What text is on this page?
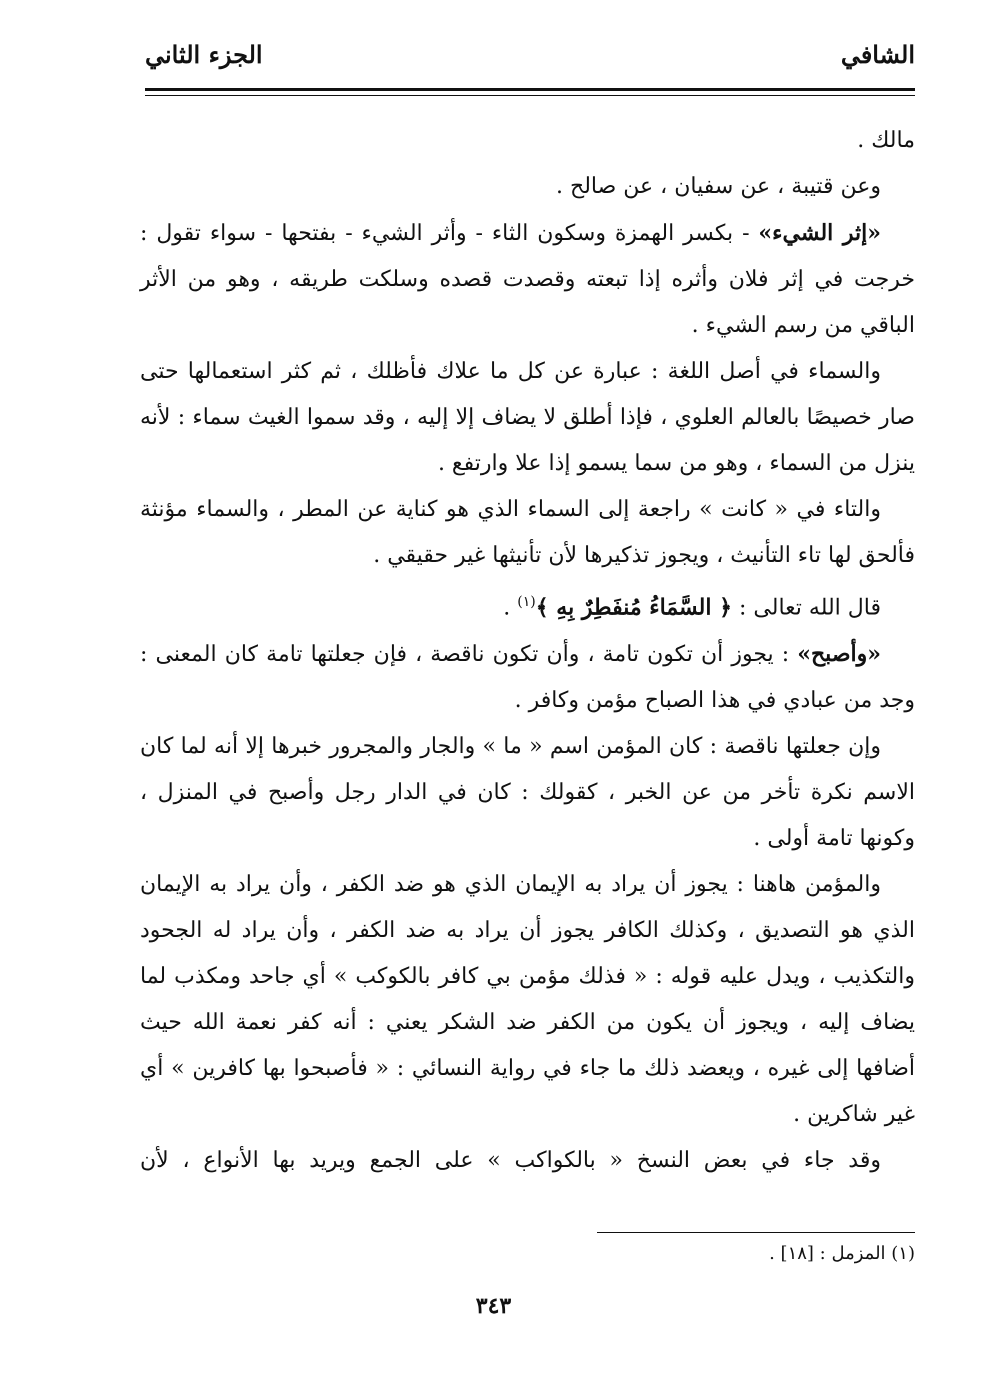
الشافي
الجزء الثاني

مالك .

وعن قتيبة ، عن سفيان ، عن صالح .

«إثر الشيء» - بكسر الهمزة وسكون الثاء - وأثر الشيء - بفتحها - سواء تقول : خرجت في إثر فلان وأثره إذا تبعته وقصدت قصده وسلكت طريقه ، وهو من الأثر الباقي من رسم الشيء .

والسماء في أصل اللغة : عبارة عن كل ما علاك فأظلك ، ثم كثر استعمالها حتى صار خصيصًا بالعالم العلوي ، فإذا أطلق لا يضاف إلا إليه ، وقد سموا الغيث سماء : لأنه ينزل من السماء ، وهو من سما يسمو إذا علا وارتفع .

والتاء في « كانت » راجعة إلى السماء الذي هو كناية عن المطر ، والسماء مؤنثة فألحق لها تاء التأنيث ، ويجوز تذكيرها لأن تأنيثها غير حقيقي .

قال الله تعالى : ﴿ السَّمَاءُ مُنفَطِرٌ بِهِ ﴾$^{(١)}$ .

«وأصبح» : يجوز أن تكون تامة ، وأن تكون ناقصة ، فإن جعلتها تامة كان المعنى : وجد من عبادي في هذا الصباح مؤمن وكافر .

وإن جعلتها ناقصة : كان المؤمن اسم « ما » والجار والمجرور خبرها إلا أنه لما كان الاسم نكرة تأخر من عن الخبر ، كقولك : كان في الدار رجل وأصبح في المنزل ، وكونها تامة أولى .

والمؤمن هاهنا : يجوز أن يراد به الإيمان الذي هو ضد الكفر ، وأن يراد به الإيمان الذي هو التصديق ، وكذلك الكافر يجوز أن يراد به ضد الكفر ، وأن يراد له الجحود والتكذيب ، ويدل عليه قوله : « فذلك مؤمن بي كافر بالكوكب » أي جاحد ومكذب لما يضاف إليه ، ويجوز أن يكون من الكفر ضد الشكر يعني : أنه كفر نعمة الله حيث أضافها إلى غيره ، ويعضد ذلك ما جاء في رواية النسائي : « فأصبحوا بها كافرين » أي غير شاكرين .

وقد جاء في بعض النسخ « بالكواكب » على الجمع ويريد بها الأنواع ، لأن

(١) المزمل : [١٨] .
٣٤٣
